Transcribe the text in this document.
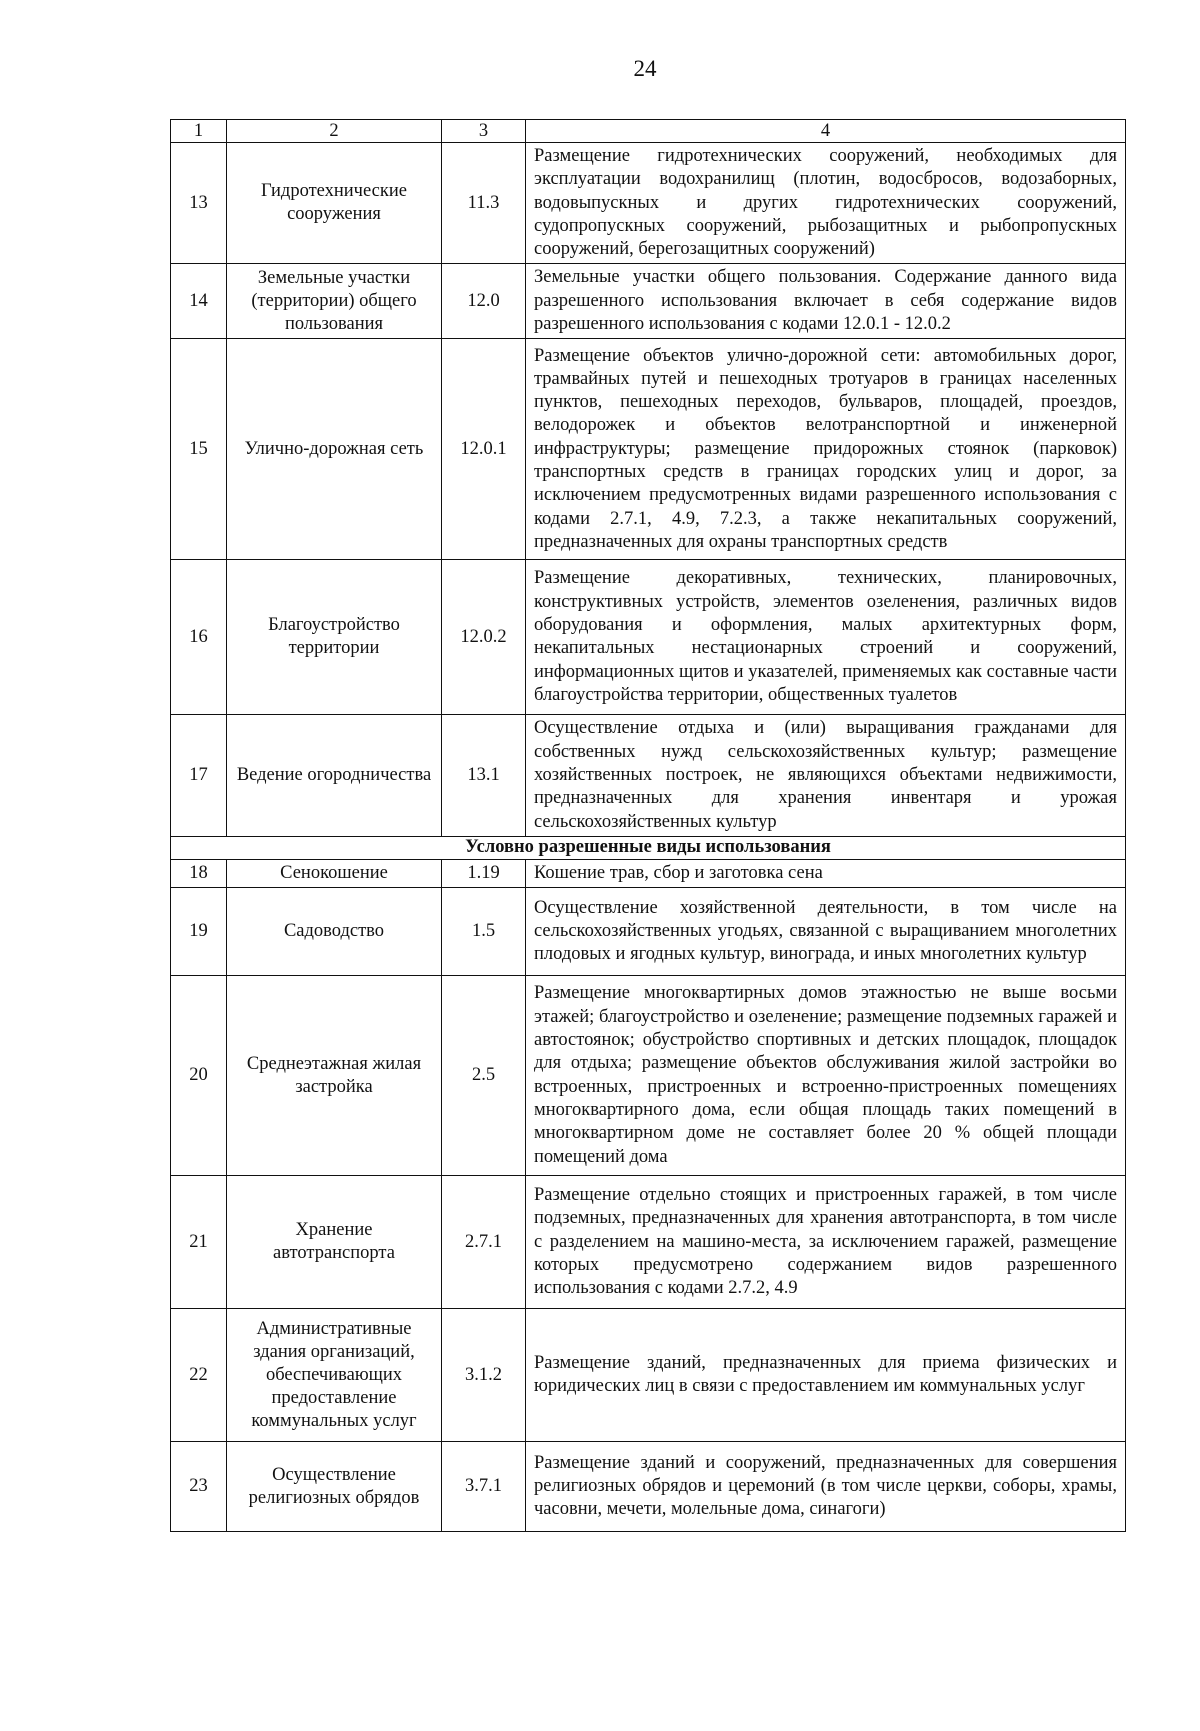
24
1	2	3	4
13	Гидротехнические сооружения	11.3	Размещение гидротехнических сооружений, необходимых для эксплуатации водохранилищ (плотин, водосбросов, водозаборных, водовыпускных и других гидротехнических сооружений, судопропускных сооружений, рыбозащитных и рыбопропускных сооружений, берегозащитных сооружений)
14	Земельные участки (территории) общего пользования	12.0	Земельные участки общего пользования. Содержание данного вида разрешенного использования включает в себя содержание видов разрешенного использования с кодами 12.0.1 - 12.0.2
15	Улично-дорожная сеть	12.0.1	Размещение объектов улично-дорожной сети: автомобильных дорог, трамвайных путей и пешеходных тротуаров в границах населенных пунктов, пешеходных переходов, бульваров, площадей, проездов, велодорожек и объектов велотранспортной и инженерной инфраструктуры; размещение придорожных стоянок (парковок) транспортных средств в границах городских улиц и дорог, за исключением предусмотренных видами разрешенного использования с кодами 2.7.1, 4.9, 7.2.3, а также некапитальных сооружений, предназначенных для охраны транспортных средств
16	Благоустройство территории	12.0.2	Размещение декоративных, технических, планировочных, конструктивных устройств, элементов озеленения, различных видов оборудования и оформления, малых архитектурных форм, некапитальных нестационарных строений и сооружений, информационных щитов и указателей, применяемых как составные части благоустройства территории, общественных туалетов
17	Ведение огородничества	13.1	Осуществление отдыха и (или) выращивания гражданами для собственных нужд сельскохозяйственных культур; размещение хозяйственных построек, не являющихся объектами недвижимости, предназначенных для хранения инвентаря и урожая сельскохозяйственных культур
Условно разрешенные виды использования			
18	Сенокошение	1.19	Кошение трав, сбор и заготовка сена
19	Садоводство	1.5	Осуществление хозяйственной деятельности, в том числе на сельскохозяйственных угодьях, связанной с выращиванием многолетних плодовых и ягодных культур, винограда, и иных многолетних культур
20	Среднеэтажная жилая застройка	2.5	Размещение многоквартирных домов этажностью не выше восьми этажей; благоустройство и озеленение; размещение подземных гаражей и автостоянок; обустройство спортивных и детских площадок, площадок для отдыха; размещение объектов обслуживания жилой застройки во встроенных, пристроенных и встроенно-пристроенных помещениях многоквартирного дома, если общая площадь таких помещений в многоквартирном доме не составляет более 20 % общей площади помещений дома
21	Хранение автотранспорта	2.7.1	Размещение отдельно стоящих и пристроенных гаражей, в том числе подземных, предназначенных для хранения автотранспорта, в том числе с разделением на машино-места, за исключением гаражей, размещение которых предусмотрено содержанием видов разрешенного использования с кодами 2.7.2, 4.9
22	Административные здания организаций, обеспечивающих предоставление коммунальных услуг	3.1.2	Размещение зданий, предназначенных для приема физических и юридических лиц в связи с предоставлением им коммунальных услуг
23	Осуществление религиозных обрядов	3.7.1	Размещение зданий и сооружений, предназначенных для совершения религиозных обрядов и церемоний (в том числе церкви, соборы, храмы, часовни, мечети, молельные дома, синагоги)
